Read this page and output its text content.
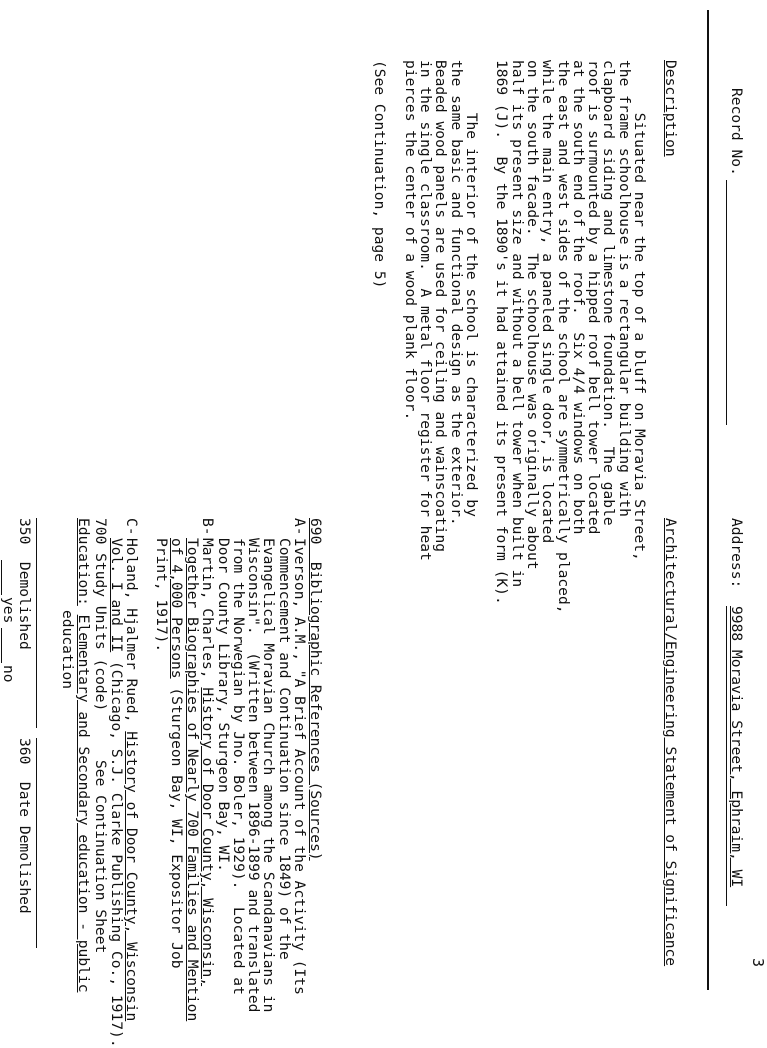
3
Record No.
Address:
9988 Moravia Street, Ephraim, WI
Description
Situated near the top of a bluff on Moravia Street,
the frame schoolhouse is a rectangular building with
clapboard siding and limestone foundation.  The gable
roof is surmounted by a hipped roof bell tower located
at the south end of the roof.  Six 4/4 windows on both
the east and west sides of the school are symmetrically placed,
while the main entry, a paneled single door, is located
on the south facade.  The schoolhouse was originally about
half its present size and without a bell tower when built in
1869 (J).  By the 1890's it had attained its present form (K).
The interior of the school is characterized by
the same basic and functional design as the exterior.
Beaded wood panels are used for ceiling and wainscoating
in the single classroom.  A metal floor register for heat
pierces the center of a wood plank floor.
(See Continuation, page 5)
Architectural/Engineering Statement of Significance
690  Bibliographic References (Sources)
A-
Iverson, A.M., "A Brief Account of the Activity (Its
Commencement and Continuation since 1849) of the
Evangelical Moravian Church among the Scandanavians in
Wisconsin".  (Written between 1896-1899 and translated
from the Norwegian by Jno. Boler, 1929).  Located at
Door County Library, Sturgeon Bay, WI.
B-
Martin, Charles, History of Door County, Wisconsin,
Together Biographies of Nearly 700 Families and Mention
of 4,000 Persons (Sturgeon Bay, WI, Expositor Job
Print, 1917).
C-
Holand, Hjalmer Rued, History of Door County, Wisconsin
Vol. I and II (Chicago, S.J. Clarke Publishing Co., 1917).
See Continuation Sheet
700 Study Units (code)
Education: Elementary and Secondary education - public
education
350  Demolished
360  Date Demolished
yes
no
